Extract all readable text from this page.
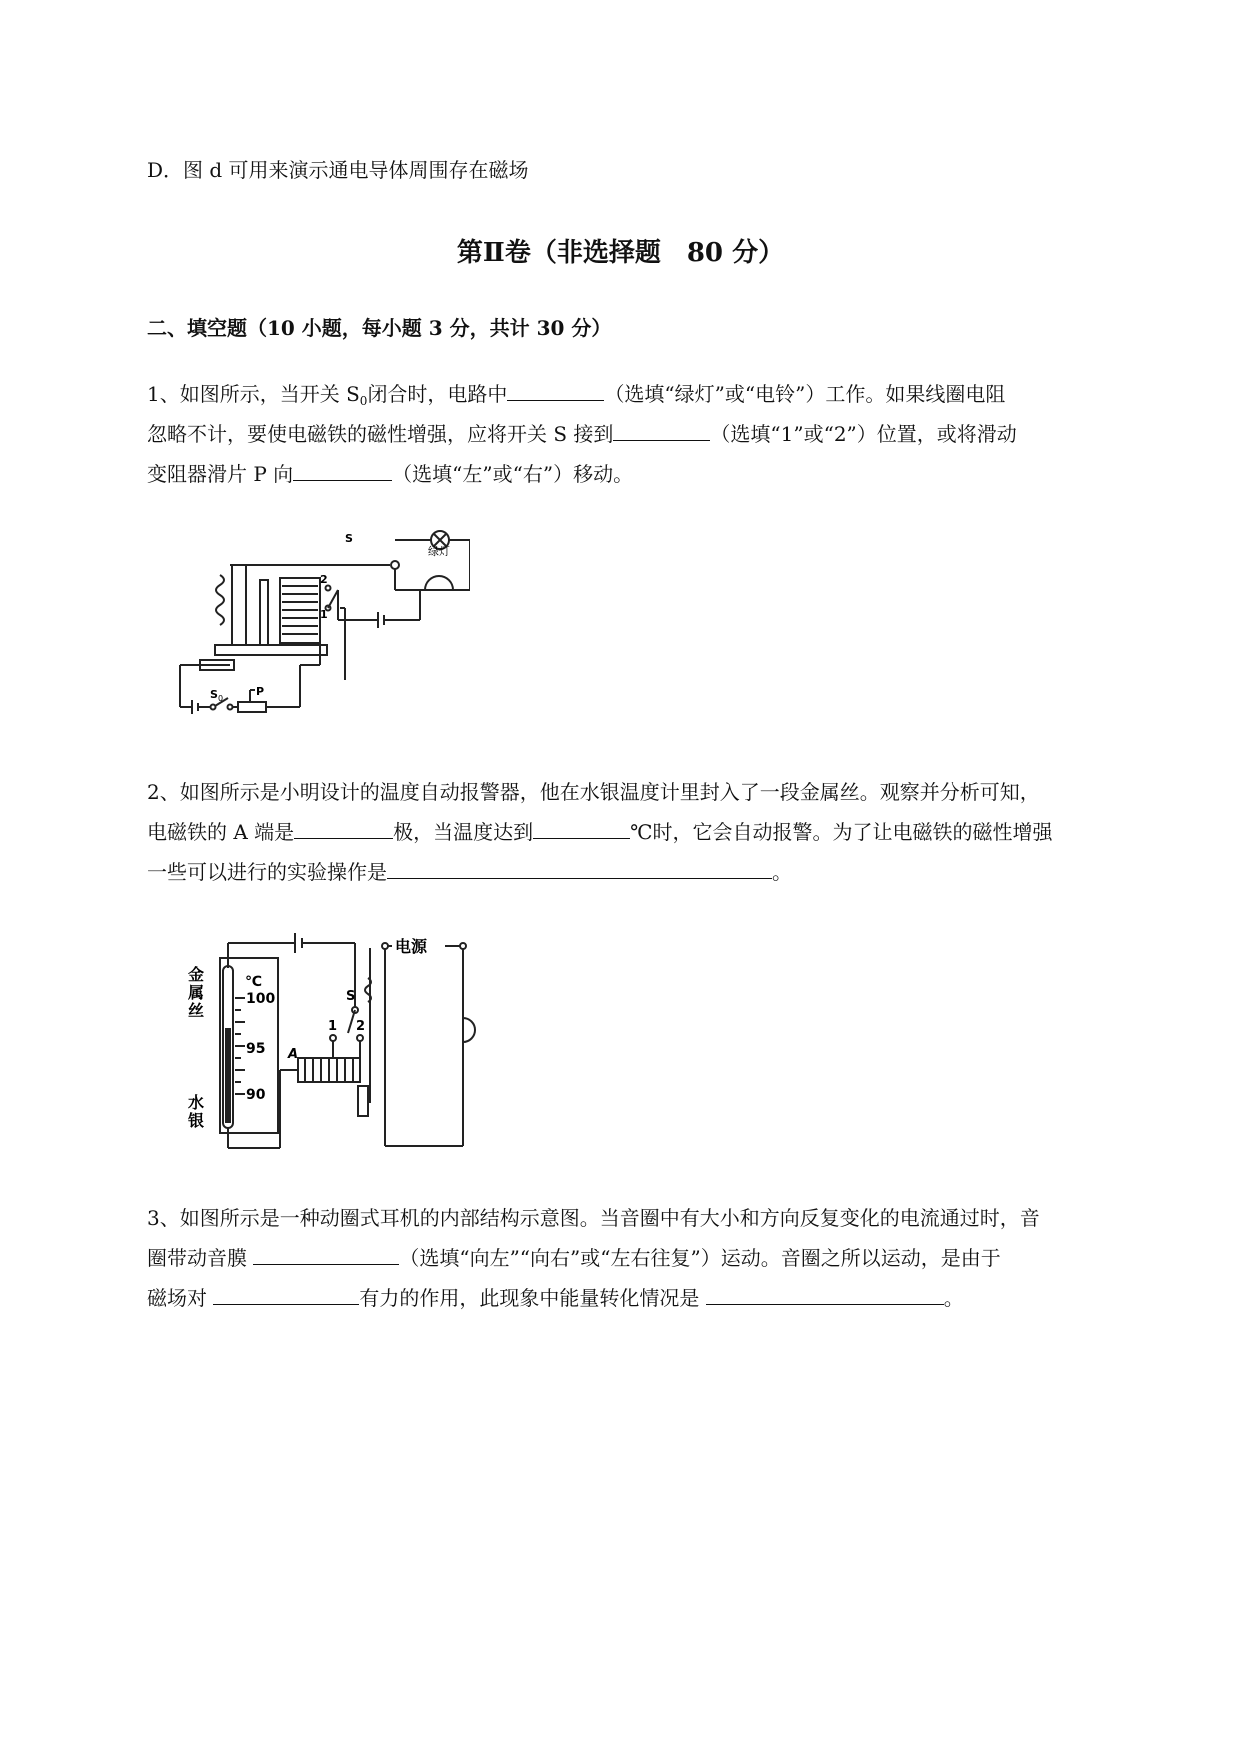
D．图 d 可用来演示通电导体周围存在磁场
第Ⅱ卷（非选择题　80 分）
二、填空题（10 小题，每小题 3 分，共计 30 分）
1、如图所示，当开关 $S_0$闭合时，电路中	（选填“绿灯”或“电铃”）工作。如果线圈电阻
忽略不计，要使电磁铁的磁性增强，应将开关 S 接到	（选填“1”或“2”）位置，或将滑动
变阻器滑片 P 向	（选填“左”或“右”）移动。
绿灯
S
2
1
S 0
P
2、如图所示是小明设计的温度自动报警器，他在水银温度计里封入了一段金属丝。观察并分析可知，
电磁铁的 A 端是	极，当温度达到	℃时，它会自动报警。为了让电磁铁的磁性增强
一些可以进行的实验操作是	。
电源
℃
100
95
90
金
属
丝
水
银
S
1 2
A
3、如图所示是一种动圈式耳机的内部结构示意图。当音圈中有大小和方向反复变化的电流通过时，音
圈带动音膜	（选填“向左”“向右”或“左右往复”）运动。音圈之所以运动，是由于
磁场对	有力的作用，此现象中能量转化情况是	。
